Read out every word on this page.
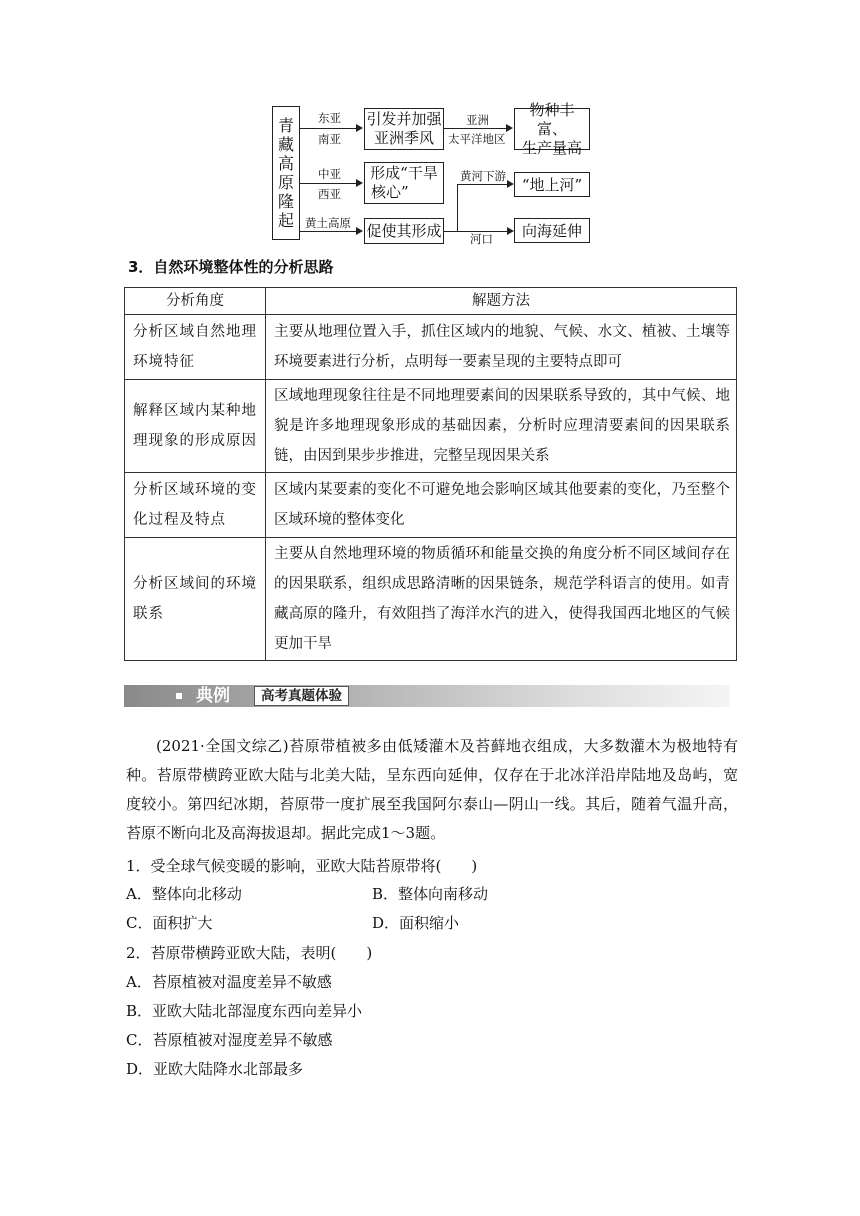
青
藏
高
原
隆
起
东亚
南亚
引发并加强
亚洲季风
亚洲
太平洋地区
物种丰富、
生产量高
中亚
西亚
形成“干旱
核心”
黄土高原 促使其形成
黄河下游 “地上河”
河口 向海延伸
3．自然环境整体性的分析思路
分析角度	解题方法
分析区域自然地理环境特征	主要从地理位置入手，抓住区域内的地貌、气候、水文、植被、土壤等环境要素进行分析，点明每一要素呈现的主要特点即可
解释区域内某种地理现象的形成原因	区域地理现象往往是不同地理要素间的因果联系导致的，其中气候、地貌是许多地理现象形成的基础因素，分析时应理清要素间的因果联系链，由因到果步步推进，完整呈现因果关系
分析区域环境的变化过程及特点	区域内某要素的变化不可避免地会影响区域其他要素的变化，乃至整个区域环境的整体变化
分析区域间的环境联系	主要从自然地理环境的物质循环和能量交换的角度分析不同区域间存在的因果联系，组织成思路清晰的因果链条，规范学科语言的使用。如青藏高原的隆升，有效阻挡了海洋水汽的进入，使得我国西北地区的气候更加干旱
典例	高考真题体验
(2021·全国文综乙)苔原带植被多由低矮灌木及苔藓地衣组成，大多数灌木为极地特有种。苔原带横跨亚欧大陆与北美大陆，呈东西向延伸，仅存在于北冰洋沿岸陆地及岛屿，宽度较小。第四纪冰期，苔原带一度扩展至我国阿尔泰山—阴山一线。其后，随着气温升高，苔原不断向北及高海拔退却。据此完成1～3题。
1．受全球气候变暖的影响，亚欧大陆苔原带将(　　)
A．整体向北移动	B．整体向南移动
C．面积扩大	D．面积缩小
2．苔原带横跨亚欧大陆，表明(　　)
A．苔原植被对温度差异不敏感
B．亚欧大陆北部湿度东西向差异小
C．苔原植被对湿度差异不敏感
D．亚欧大陆降水北部最多
